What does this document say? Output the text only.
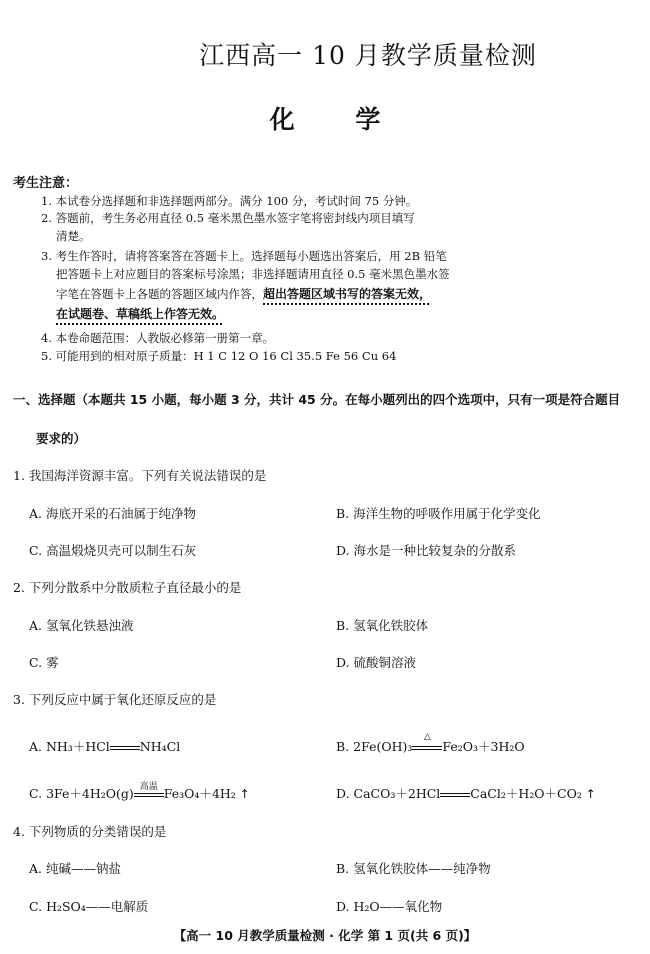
江西高一 10 月教学质量检测
化 学
考生注意：
1. 本试卷分选择题和非选择题两部分。满分 100 分，考试时间 75 分钟。
2. 答题前，考生务必用直径 0.5 毫米黑色墨水签字笔将密封线内项目填写
清楚。
3. 考生作答时，请将答案答在答题卡上。选择题每小题选出答案后，用 2B 铅笔
把答题卡上对应题目的答案标号涂黑；非选择题请用直径 0.5 毫米黑色墨水签
字笔在答题卡上各题的答题区域内作答，超出答题区域书写的答案无效，
在试题卷、草稿纸上作答无效。
4. 本卷命题范围：人教版必修第一册第一章。
5. 可能用到的相对原子质量：H 1 C 12 O 16 Cl 35.5 Fe 56 Cu 64
一、选择题（本题共 15 小题，每小题 3 分，共计 45 分。在每小题列出的四个选项中，只有一项是符合题目
要求的）
1. 我国海洋资源丰富。下列有关说法错误的是
A. 海底开采的石油属于纯净物	B. 海洋生物的呼吸作用属于化学变化
C. 高温煅烧贝壳可以制生石灰	D. 海水是一种比较复杂的分散系
2. 下列分散系中分散质粒子直径最小的是
A. 氢氧化铁悬浊液	B. 氢氧化铁胶体
C. 雾	D. 硫酸铜溶液
3. 下列反应中属于氧化还原反应的是
A. NH₃＋HCl NH₄Cl	B. 2Fe(OH)₃
△
Fe₂O₃＋3H₂O
C. 3Fe＋4H₂O(g) 高温 Fe₃O₄＋4H₂ ↑	D. CaCO₃＋2HCl CaCl₂＋H₂O＋CO₂ ↑
4. 下列物质的分类错误的是
A. 纯碱——钠盐	B. 氢氧化铁胶体——纯净物
C. H₂SO₄——电解质	D. H₂O——氧化物
【高一 10 月教学质量检测 · 化学 第 1 页(共 6 页)】
